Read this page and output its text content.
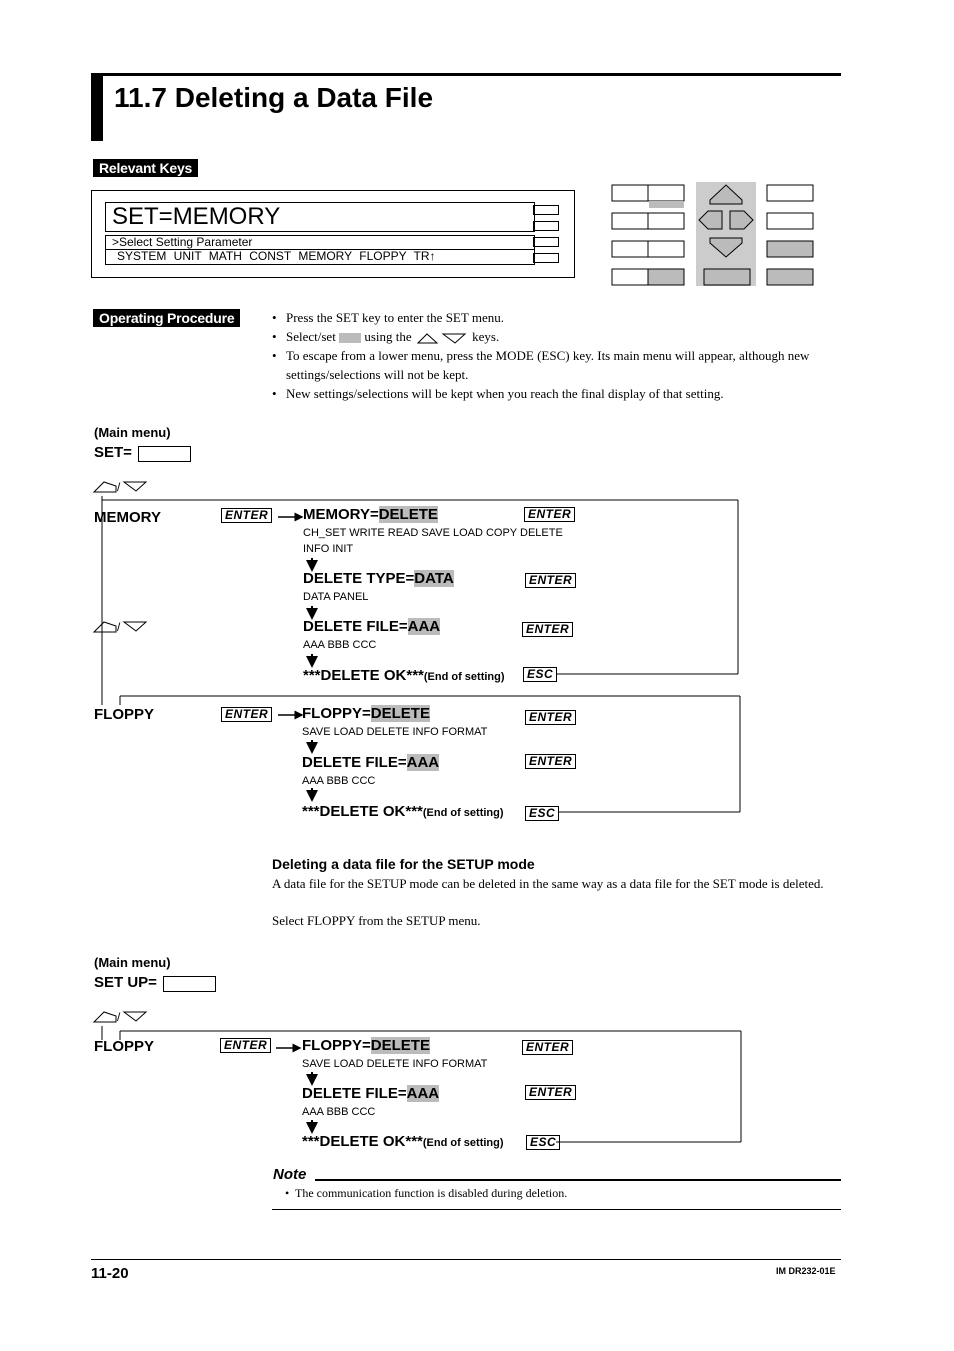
11.7 Deleting a Data File
Relevant Keys
SET=MEMORY
>Select Setting Parameter
SYSTEM UNIT MATH CONST MEMORY FLOPPY TR↑
Operating Procedure
•	Press the SET key to enter the SET menu.
• Select/set using the	keys.
• To escape from a lower menu, press the MODE (ESC) key. Its main menu will appear, although new settings/selections will not be kept.
• New settings/selections will be kept when you reach the final display of that setting.
(Main menu)
SET=
/
/
MEMORY	ENTER MEMORY=DELETE	ENTER
CH_SET WRITE READ SAVE LOAD COPY DELETE
INFO INIT
DELETE TYPE=DATA	ENTER
DATA PANEL
DELETE FILE=AAA	ENTER
AAA BBB CCC
***DELETE OK***(End of setting)	ESC
FLOPPY	ENTER FLOPPY=DELETE	ENTER
SAVE LOAD DELETE INFO FORMAT
DELETE FILE=AAA	ENTER
AAA BBB CCC
***DELETE OK***(End of setting)	ESC
Deleting a data file for the SETUP mode
A data file for the SETUP mode can be deleted in the same way as a data file for the SET mode is deleted.
Select FLOPPY from the SETUP menu.
(Main menu)
SET UP=
/
FLOPPY	ENTER FLOPPY=DELETE	ENTER
SAVE LOAD DELETE INFO FORMAT
DELETE FILE=AAA	ENTER
AAA BBB CCC
***DELETE OK***(End of setting)	ESC
Note
•  The communication function is disabled during deletion.
11-20	IM DR232-01E
